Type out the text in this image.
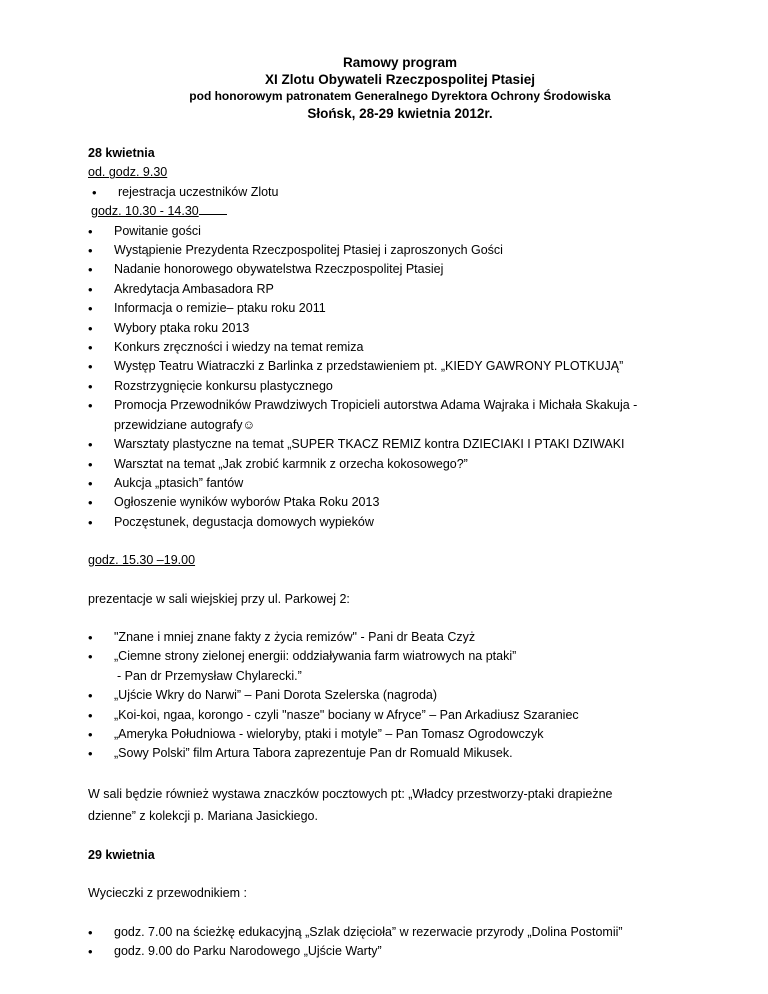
Ramowy program

XI Zlotu Obywateli Rzeczpospolitej Ptasiej

pod honorowym patronatem Generalnego Dyrektora Ochrony Środowiska

Słońsk, 28-29 kwietnia 2012r.

28 kwietnia

od. godz. 9.30

• rejestracja uczestników Zlotu

godz. 10.30 - 14.30

• Powitanie gości
• Wystąpienie Prezydenta Rzeczpospolitej Ptasiej i zaproszonych Gości
• Nadanie honorowego obywatelstwa Rzeczpospolitej Ptasiej
• Akredytacja Ambasadora RP
• Informacja o remizie– ptaku roku 2011
• Wybory ptaka roku 2013
• Konkurs zręczności i wiedzy na temat remiza
• Występ Teatru Wiatraczki z Barlinka z przedstawieniem pt. „KIEDY GAWRONY PLOTKUJĄ”
• Rozstrzygnięcie konkursu plastycznego
• Promocja Przewodników Prawdziwych Tropicieli autorstwa Adama Wajraka i Michała Skakuja -
przewidziane autografy☺
• Warsztaty plastyczne na temat „SUPER TKACZ REMIZ kontra DZIECIAKI I PTAKI DZIWAKI
• Warsztat na temat „Jak zrobić karmnik z orzecha kokosowego?”
• Aukcja „ptasich” fantów
• Ogłoszenie wyników wyborów Ptaka Roku 2013
• Poczęstunek, degustacja domowych wypieków

godz. 15.30 –19.00

prezentacje w sali wiejskiej przy ul. Parkowej 2:

• "Znane i mniej znane fakty z życia remizów" - Pani dr Beata Czyż
• „Ciemne strony zielonej energii: oddziaływania farm wiatrowych na ptaki”
- Pan dr Przemysław Chylarecki.”
• „Ujście Wkry do Narwi” – Pani Dorota Szelerska (nagroda)
• „Koi-koi, ngaa, korongo - czyli "nasze" bociany w Afryce” – Pan Arkadiusz Szaraniec
• „Ameryka Południowa - wieloryby, ptaki i motyle” – Pan Tomasz Ogrodowczyk
• „Sowy Polski” film Artura Tabora zaprezentuje Pan dr Romuald Mikusek.

W sali będzie również wystawa znaczków pocztowych pt: „Władcy przestworzy-ptaki drapieżne

dzienne” z kolekcji p. Mariana Jasickiego.

29 kwietnia

Wycieczki z przewodnikiem :

• godz. 7.00 na ścieżkę edukacyjną „Szlak dzięcioła” w rezerwacie przyrody „Dolina Postomii”
• godz. 9.00 do Parku Narodowego „Ujście Warty”
